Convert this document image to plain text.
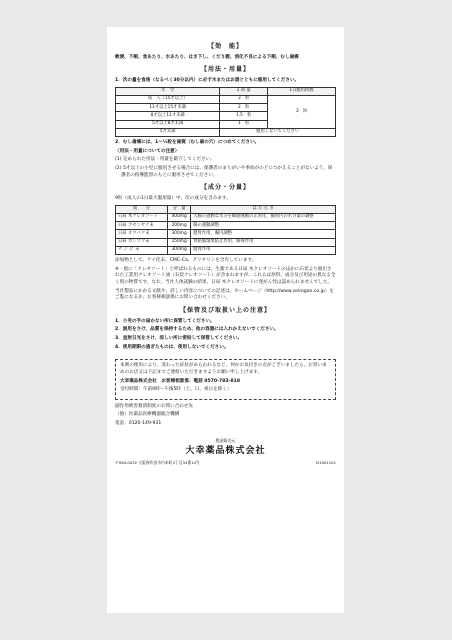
【効　能】

軟便、下痢、食あたり、水あたり、はき下し、くだり腹、消化不良による下痢、むし歯痛

【用法・用量】

1．次の量を食後（なるべく30分以内）に必ず水またはお湯とともに服用してください。

年　令	1 回 量	1日服用回数
成　人（15才以上）	3　粒	3　回
11才以上15才未満	2　粒	
8才以上11才未満	1.5　粒	
5才以上8才未満	1　粒	
5才未満	服用しないでください	

2．むし歯痛には、1～½粒を歯窩（むし歯の穴）につめてください。

〈用法・用量についての注意〉

(1) 定められた用法・用量を厳守してください。

(2) 5才以上の小児に服用させる場合には、保護者のまちがいや事故がのどにつかえることがないよう、保護者の指導監督のもとに服用させてください。

【成分・分量】

9粒（成人の1日最大服用量）中、次の成分を含みます。

成　　分	分　量	は た ら き
日局 木クレオソート	400mg	大腸の過剰な水分を蠕動運動の正常化、腸管内の水分量の調整
日局 アセンヤク末	200mg	腸の運動調整
日局 オウバク末	300mg	健胃作用、腸内調整
日局 カンゾウ末	150mg	胃粘膜環境防止作用、解毒作用
チ ン ピ 末	300mg	健胃作用

添加物として、ケイ化末、CMC-Ca、グリセリンを含有しています。

※一般に「クレオソート」と呼ばれるものには、生薬である日局 木クレオソートのほかに石炭より抽出された工業用クレオソート油（石炭クレオソート）が含まれますが、これらは原料、成分及び用途の異なる全く別の物質です。なお、当社人体試験の結果、日局 木クレオソートに発がん性は認められませんでした。

当社製品にかかる文献や、詳しい内容についての記述は、ホームページ（http://www.seirogan.co.jp）をご覧になるか、お客様相談係にお問い合わせください。

【保管及び取扱い上の注意】

1．小児の手の届かない所に保管してください。

2．誤用をさけ、品質を保持するため、他の容器には入れかえないでください。

3．直射日光をさけ、涼しい所に密栓して保管してください。

4．使用期限の過ぎたものは、使用しないでください。

本剤の使用により、変わった症状があらわれるなど、何かお気付きの点がございましたら、お買い求めのお店又は下記までご連絡いただきますようお願い申し上げます。

大幸薬品株式会社　お客様相談係：電話 0570-783-818

受付時間：午前9時～午後5時（土、日、祝日を除く）

副作用被害救済制度のお問い合わせ先

（独）医薬品医療機器総合機構

電話：0120-149-931

製造販売元
大幸薬品株式会社
〒564-0032 大阪府吹田市内本町3丁目34番14号	D1001101
